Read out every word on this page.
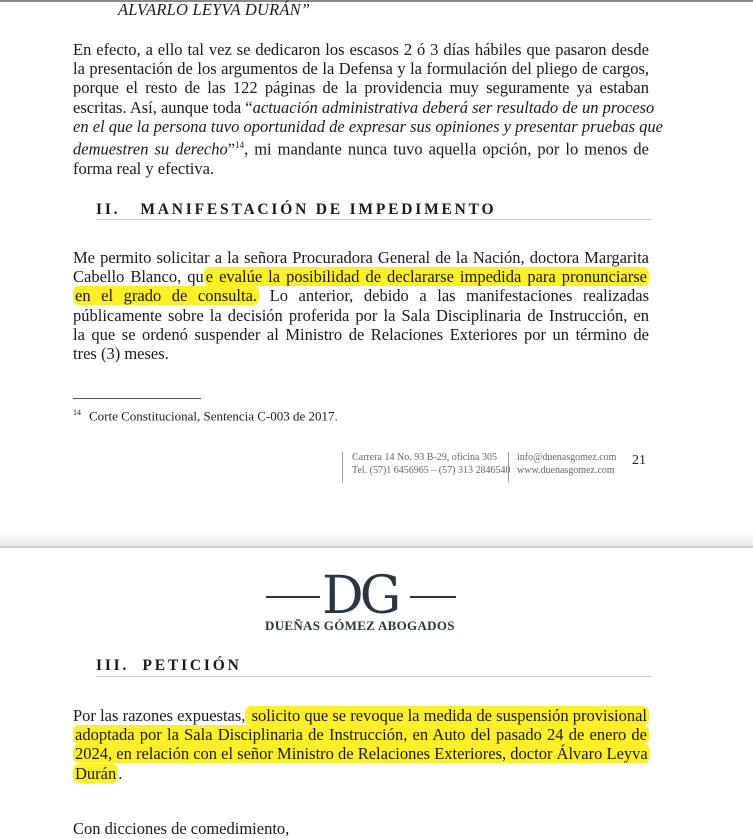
ALVARLO LEYVA DURÁN”
En efecto, a ello tal vez se dedicaron los escasos 2 ó 3 días hábiles que pasaron desde
la presentación de los argumentos de la Defensa y la formulación del pliego de cargos,
porque el resto de las 122 páginas de la providencia muy seguramente ya estaban
escritas. Así, aunque toda “actuación administrativa deberá ser resultado de un proceso
en el que la persona tuvo oportunidad de expresar sus opiniones y presentar pruebas que
demuestren su derecho”$^{14}$, mi mandante nunca tuvo aquella opción, por lo menos de
forma real y efectiva.
II. MANIFESTACIÓN DE IMPEDIMENTO
Me permito solicitar a la señora Procuradora General de la Nación, doctora Margarita
Cabello Blanco, qu e evalúe la posibilidad de declararse impedida para pronunciarse
en el grado de consulta. Lo anterior, debido a las manifestaciones realizadas
públicamente sobre la decisión proferida por la Sala Disciplinaria de Instrucción, en
la que se ordenó suspender al Ministro de Relaciones Exteriores por un término de
tres (3) meses.
$^{14}$ Corte Constitucional, Sentencia C-003 de 2017.
Carrera 14 No. 93 B-29, oficina 305
Tel. (57)1 6456965 – (57) 313 2846540
info@duenasgomez.com
www.duenasgomez.com
21
DG
DUEÑAS GÓMEZ ABOGADOS
III. PETICIÓN
Por las razones expuestas, solicito que se revoque la medida de suspensión provisional
adoptada por la Sala Disciplinaria de Instrucción, en Auto del pasado 24 de enero de
2024, en relación con el señor Ministro de Relaciones Exteriores, doctor Álvaro Leyva
Durán .
Con dicciones de comedimiento,
